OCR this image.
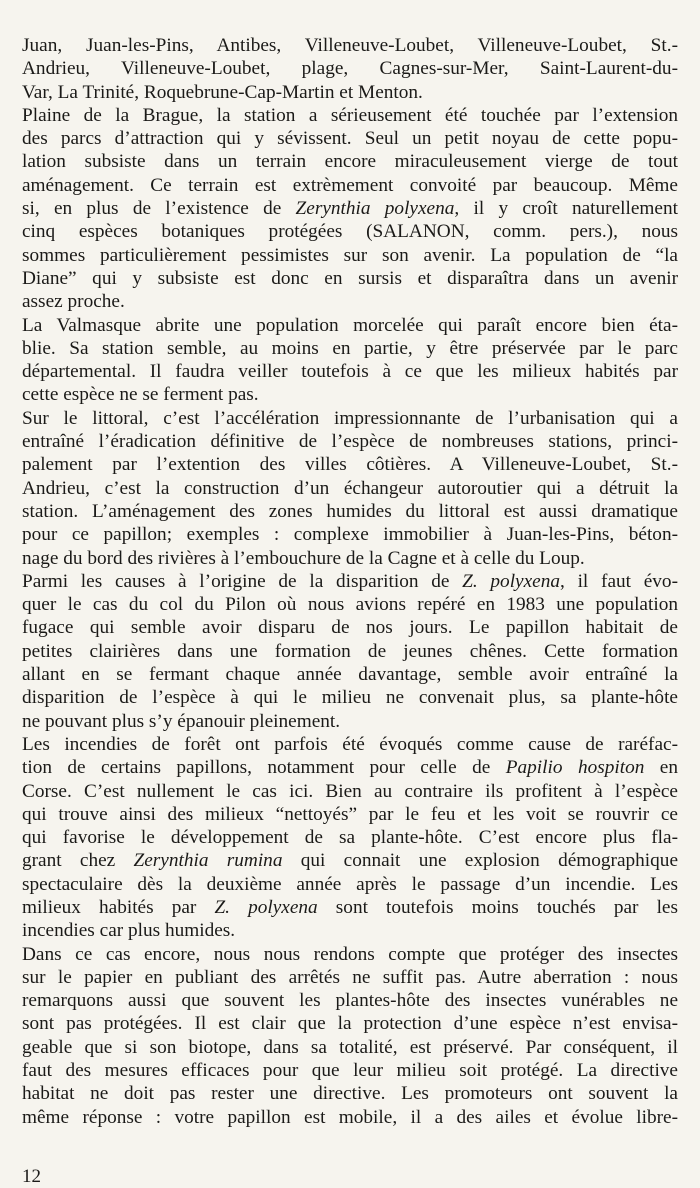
Juan, Juan-les-Pins, Antibes, Villeneuve-Loubet, Villeneuve-Loubet, St.-
Andrieu, Villeneuve-Loubet, plage, Cagnes-sur-Mer, Saint-Laurent-du-
Var, La Trinité, Roquebrune-Cap-Martin et Menton.

Plaine de la Brague, la station a sérieusement été touchée par l’extension
des parcs d’attraction qui y sévissent. Seul un petit noyau de cette popu-
lation subsiste dans un terrain encore miraculeusement vierge de tout
aménagement. Ce terrain est extrèmement convoité par beaucoup. Même
si, en plus de l’existence de Zerynthia polyxena, il y croît naturellement
cinq espèces botaniques protégées (SALANON, comm. pers.), nous
sommes particulièrement pessimistes sur son avenir. La population de “la
Diane” qui y subsiste est donc en sursis et disparaîtra dans un avenir
assez proche.

La Valmasque abrite une population morcelée qui paraît encore bien éta-
blie. Sa station semble, au moins en partie, y être préservée par le parc
départemental. Il faudra veiller toutefois à ce que les milieux habités par
cette espèce ne se ferment pas.

Sur le littoral, c’est l’accélération impressionnante de l’urbanisation qui a
entraîné l’éradication définitive de l’espèce de nombreuses stations, princi-
palement par l’extention des villes côtières. A Villeneuve-Loubet, St.-
Andrieu, c’est la construction d’un échangeur autoroutier qui a détruit la
station. L’aménagement des zones humides du littoral est aussi dramatique
pour ce papillon; exemples : complexe immobilier à Juan-les-Pins, béton-
nage du bord des rivières à l’embouchure de la Cagne et à celle du Loup.

Parmi les causes à l’origine de la disparition de Z. polyxena, il faut évo-
quer le cas du col du Pilon où nous avions repéré en 1983 une population
fugace qui semble avoir disparu de nos jours. Le papillon habitait de
petites clairières dans une formation de jeunes chênes. Cette formation
allant en se fermant chaque année davantage, semble avoir entraîné la
disparition de l’espèce à qui le milieu ne convenait plus, sa plante-hôte
ne pouvant plus s’y épanouir pleinement.

Les incendies de forêt ont parfois été évoqués comme cause de raréfac-
tion de certains papillons, notamment pour celle de Papilio hospiton en
Corse. C’est nullement le cas ici. Bien au contraire ils profitent à l’espèce
qui trouve ainsi des milieux “nettoyés” par le feu et les voit se rouvrir ce
qui favorise le développement de sa plante-hôte. C’est encore plus fla-
grant chez Zerynthia rumina qui connait une explosion démographique
spectaculaire dès la deuxième année après le passage d’un incendie. Les
milieux habités par Z. polyxena sont toutefois moins touchés par les
incendies car plus humides.

Dans ce cas encore, nous nous rendons compte que protéger des insectes
sur le papier en publiant des arrêtés ne suffit pas. Autre aberration : nous
remarquons aussi que souvent les plantes-hôte des insectes vunérables ne
sont pas protégées. Il est clair que la protection d’une espèce n’est envisa-
geable que si son biotope, dans sa totalité, est préservé. Par conséquent, il
faut des mesures efficaces pour que leur milieu soit protégé. La directive
habitat ne doit pas rester une directive. Les promoteurs ont souvent la
même réponse : votre papillon est mobile, il a des ailes et évolue libre-

12
